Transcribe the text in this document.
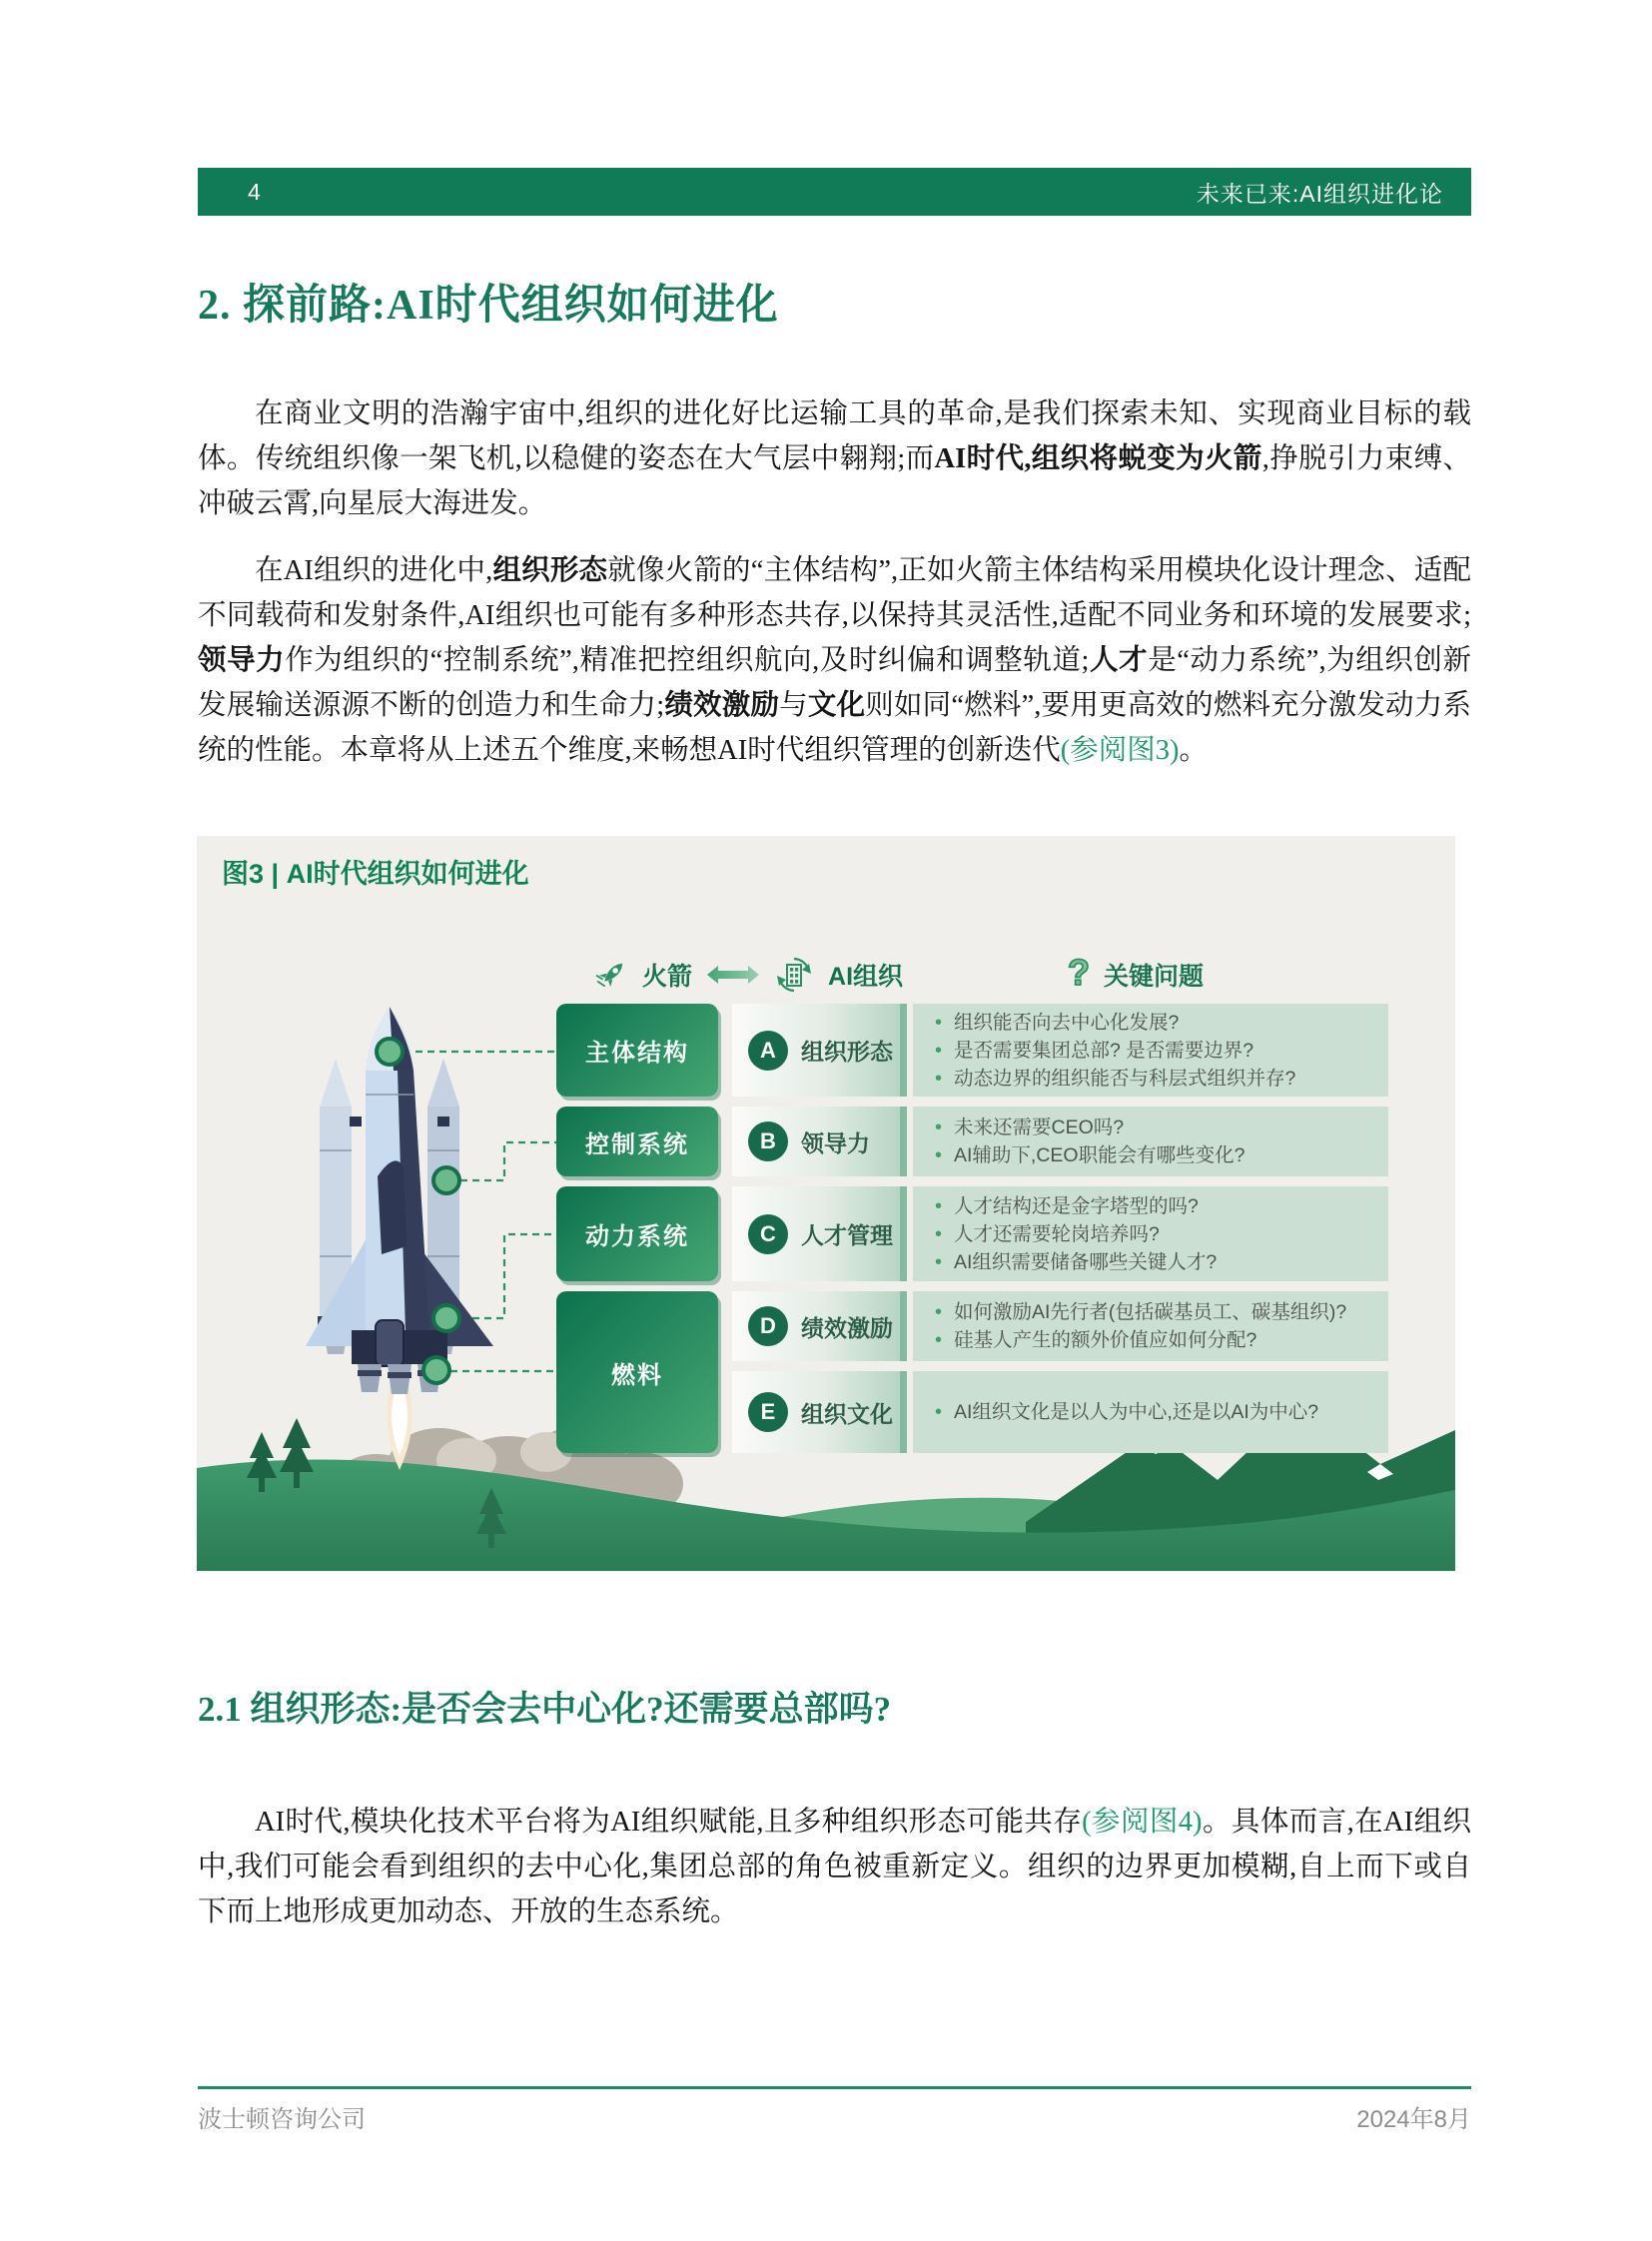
4	未来已来:AI组织进化论
2. 探前路:AI时代组织如何进化

在商业文明的浩瀚宇宙中,组织的进化好比运输工具的革命,是我们探索未知、实现商业目标的载体。传统组织像一架飞机,以稳健的姿态在大气层中翱翔;而AI时代,组织将蜕变为火箭,挣脱引力束缚、冲破云霄,向星辰大海进发。

在AI组织的进化中,组织形态就像火箭的“主体结构”,正如火箭主体结构采用模块化设计理念、适配不同载荷和发射条件,AI组织也可能有多种形态共存,以保持其灵活性,适配不同业务和环境的发展要求;领导力作为组织的“控制系统”,精准把控组织航向,及时纠偏和调整轨道;人才是“动力系统”,为组织创新发展输送源源不断的创造力和生命力;绩效激励与文化则如同“燃料”,要用更高效的燃料充分激发动力系统的性能。本章将从上述五个维度,来畅想AI时代组织管理的创新迭代(参阅图3)。

图3 | AI时代组织如何进化
火箭	AI组织	? 关键问题
主体结构	A	组织形态
• 组织能否向去中心化发展?
• 是否需要集团总部? 是否需要边界?
• 动态边界的组织能否与科层式组织并存?
控制系统	B	领导力
• 未来还需要CEO吗?
• AI辅助下,CEO职能会有哪些变化?
动力系统	C	人才管理
• 人才结构还是金字塔型的吗?
• 人才还需要轮岗培养吗?
• AI组织需要储备哪些关键人才?
燃料
D	绩效激励
• 如何激励AI先行者(包括碳基员工、碳基组织)?
• 硅基人产生的额外价值应如何分配?
E	组织文化	• AI组织文化是以人为中心,还是以AI为中心?
2.1 组织形态:是否会去中心化?还需要总部吗?

AI时代,模块化技术平台将为AI组织赋能,且多种组织形态可能共存(参阅图4)。具体而言,在AI组织中,我们可能会看到组织的去中心化,集团总部的角色被重新定义。组织的边界更加模糊,自上而下或自下而上地形成更加动态、开放的生态系统。

波士顿咨询公司	2024年8月
